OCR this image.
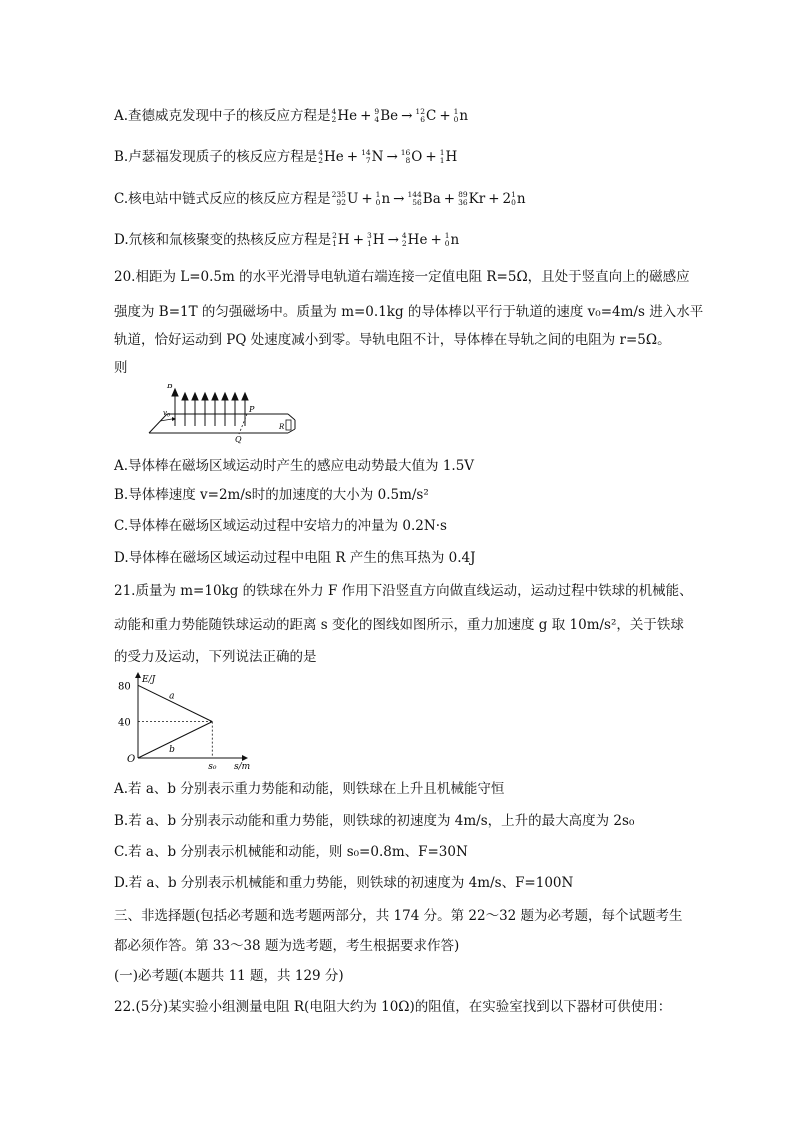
A.查德威克发现中子的核反应方程是 4
2 He + 9
4 Be → 12
6 C + 1
0 n
B.卢瑟福发现质子的核反应方程是 4
2 He + 14
7 N → 16
8 O + 1
1 H
C.核电站中链式反应的核反应方程是 235
92 U + 1
0 n → 144
56 Ba + 89
36 Kr + 2 1
0 n
D.氘核和氚核聚变的热核反应方程是 2
1 H + 3
1 H → 4
2 He + 1
0 n
20.相距为 L=0.5m 的水平光滑导电轨道右端连接一定值电阻 R=5Ω，且处于竖直向上的磁感应
强度为 B=1T 的匀强磁场中。质量为 m=0.1kg 的导体棒以平行于轨道的速度 v₀=4m/s 进入水平
轨道，恰好运动到 PQ 处速度减小到零。导轨电阻不计，导体棒在导轨之间的电阻为 r=5Ω。
则
B
$v_0$
P
Q
R
A.导体棒在磁场区域运动时产生的感应电动势最大值为 1.5V
B.导体棒速度 v=2m/s时的加速度的大小为 0.5m/s²
C.导体棒在磁场区域运动过程中安培力的冲量为 0.2N·s
D.导体棒在磁场区域运动过程中电阻 R 产生的焦耳热为 0.4J
21.质量为 m=10kg 的铁球在外力 F 作用下沿竖直方向做直线运动，运动过程中铁球的机械能、
动能和重力势能随铁球运动的距离 s 变化的图线如图所示，重力加速度 g 取 10m/s²，关于铁球
的受力及运动，下列说法正确的是
E/J
s/m
O
80
40
s₀
a
b
A.若 a、b 分别表示重力势能和动能，则铁球在上升且机械能守恒
B.若 a、b 分别表示动能和重力势能，则铁球的初速度为 4m/s，上升的最大高度为 2s₀
C.若 a、b 分别表示机械能和动能，则 s₀=0.8m、F=30N
D.若 a、b 分别表示机械能和重力势能，则铁球的初速度为 4m/s、F=100N
三、非选择题(包括必考题和选考题两部分，共 174 分。第 22～32 题为必考题，每个试题考生
都必须作答。第 33～38 题为选考题，考生根据要求作答)
(一)必考题(本题共 11 题，共 129 分)
22.(5分)某实验小组测量电阻 R(电阻大约为 10Ω)的阻值，在实验室找到以下器材可供使用：
